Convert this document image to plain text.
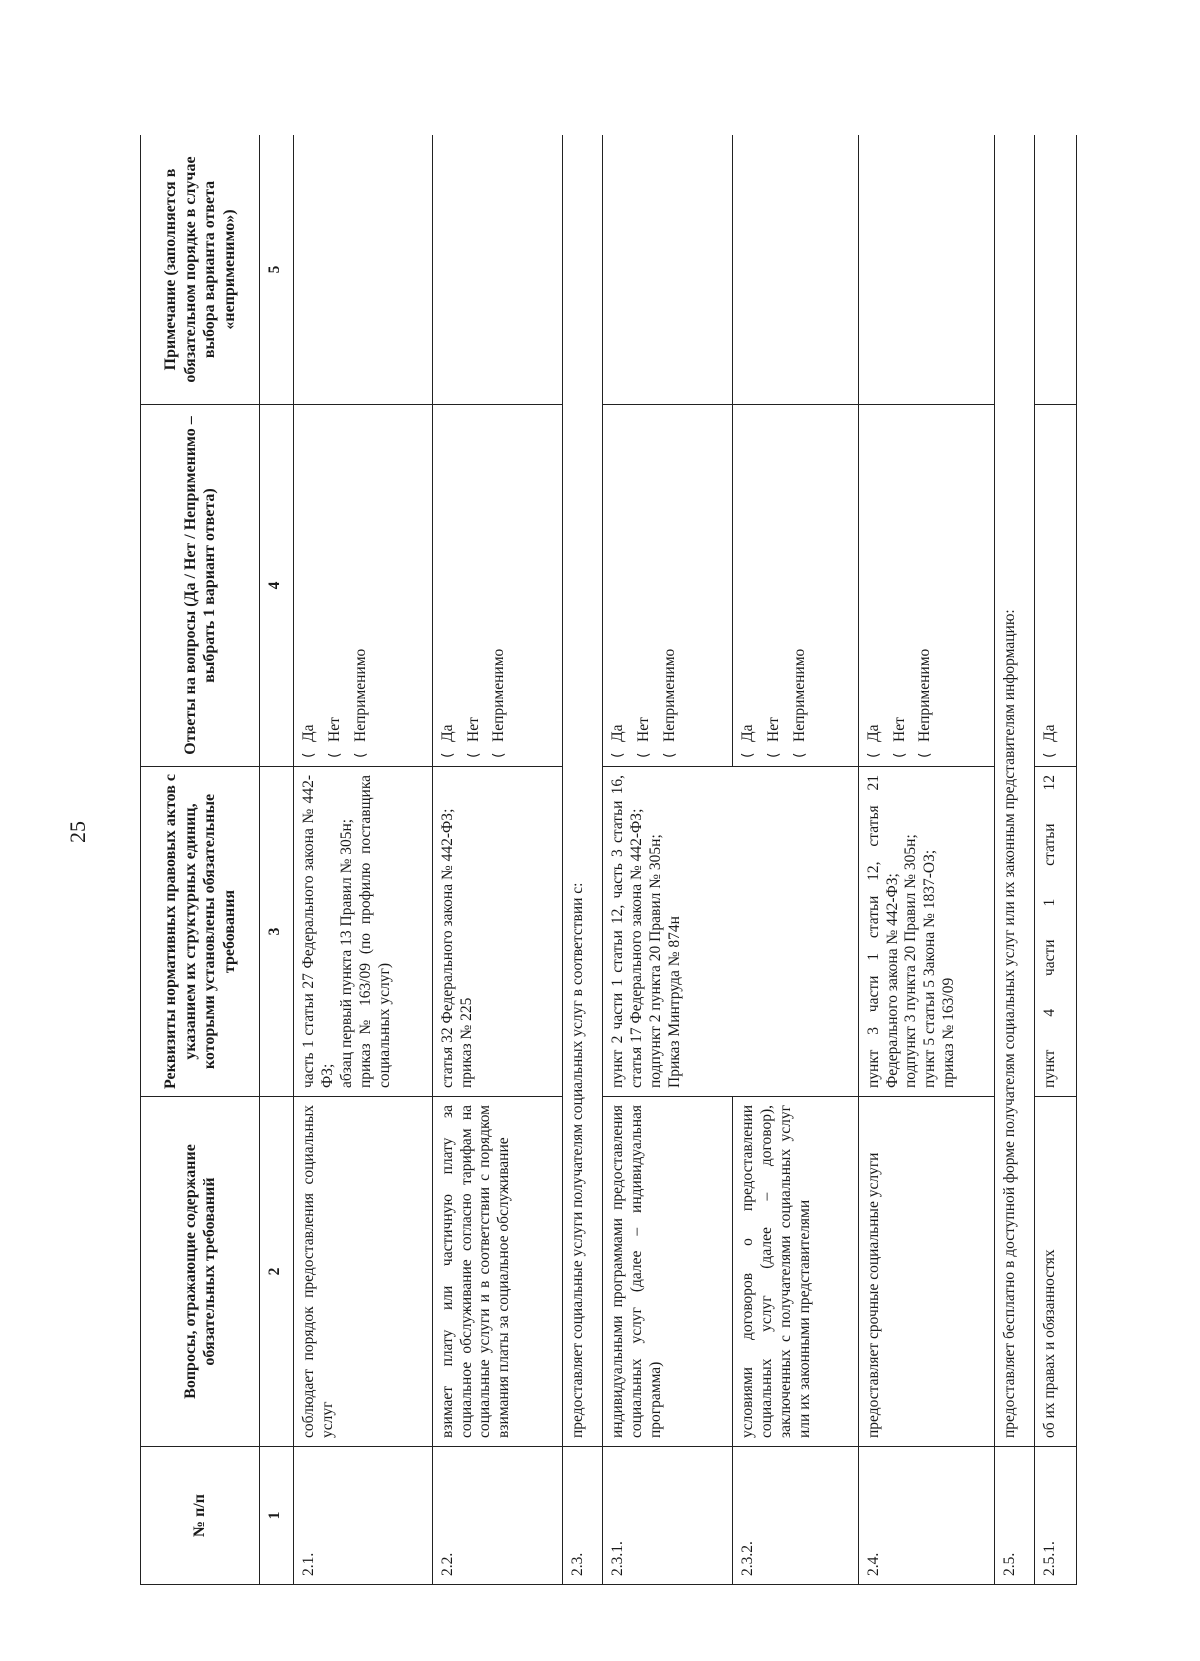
25
№ п/п	Вопросы, отражающие содержание обязательных требований	Реквизиты нормативных правовых актов с указанием их структурных единиц, которыми установлены обязательные требования	Ответы на вопросы (Да / Нет / Неприменимо – выбрать 1 вариант ответа)	Примечание (заполняется в обязательном порядке в случае выбора варианта ответа «неприменимо»)
1	2	3	4	5
2.1.	соблюдает порядок предоставления социальных услуг	часть 1 статьи 27 Федерального закона № 442-ФЗ; абзац первый пункта 13 Правил № 305н; приказ № 163/09 (по профилю поставщика социальных услуг)	(Да
(Нет
(Неприменимо	

2.2.	взимает плату или частичную плату за социальное обслуживание согласно тарифам на социальные услуги и в соответствии с порядком взимания платы за социальное обслуживание	статья 32 Федерального закона № 442-ФЗ; приказ № 225	(Да
(Нет
(Неприменимо	

2.3.	предоставляет социальные услуги получателям социальных услуг в соответствии с:			
2.3.1.	индивидуальными программами предоставления социальных услуг (далее – индивидуальная программа)	пункт 2 части 1 статьи 12, часть 3 статьи 16, статья 17 Федерального закона № 442-ФЗ; подпункт 2 пункта 20 Правил № 305н; Приказ Минтруда № 874н	(Да
(Нет
(Неприменимо	

2.3.2.	условиями договоров о предоставлении социальных услуг (далее – договор), заключенных с получателями социальных услуг или их законными представителями		(Да
(Нет
(Неприменимо	

2.4.	предоставляет срочные социальные услуги	пункт 3 части 1 статьи 12, статья 21 Федерального закона № 442-ФЗ; подпункт 3 пункта 20 Правил № 305н; пункт 5 статьи 5 Закона № 1837-ОЗ; приказ № 163/09	(Да
(Нет
(Неприменимо	

2.5.	предоставляет бесплатно в доступной форме получателям социальных услуг или их законным представителям информацию:			
2.5.1.	об их правах и обязанностях	пункт 4 части 1 статьи 12	(Да	
